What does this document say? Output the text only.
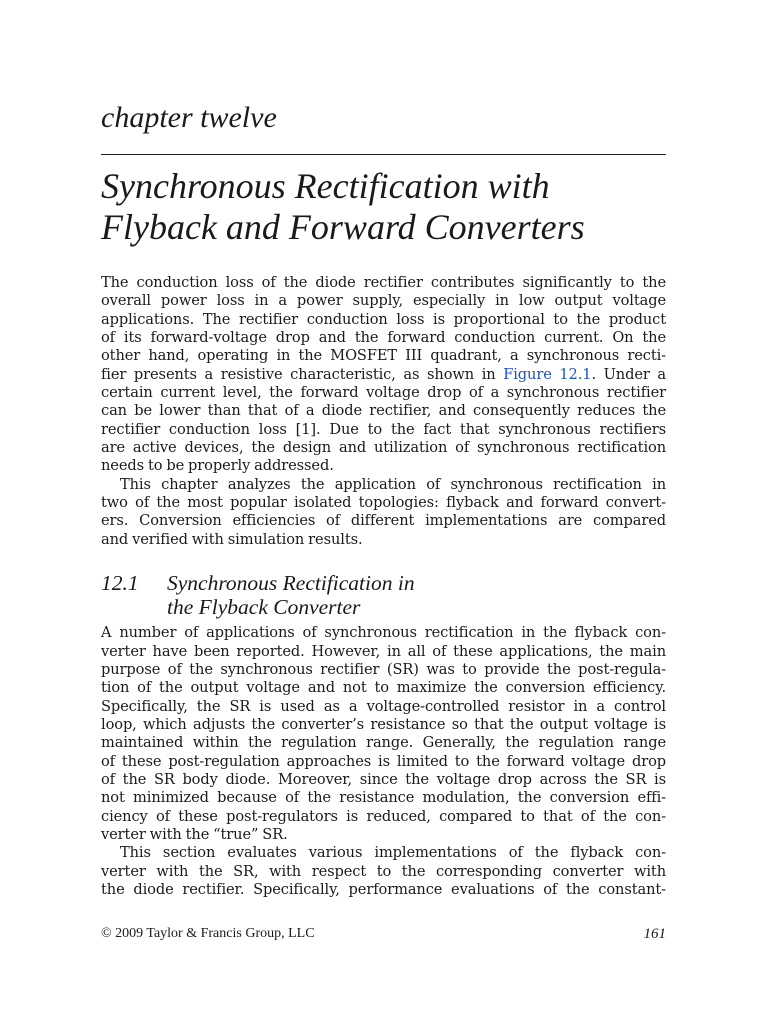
chapter twelve
Synchronous Rectification with
Flyback and Forward Converters

The conduction loss of the diode rectifier contributes significantly to the
overall power loss in a power supply, especially in low output voltage
applications. The rectifier conduction loss is proportional to the product
of its forward-voltage drop and the forward conduction current. On the
other hand, operating in the MOSFET III quadrant, a synchronous recti-
fier presents a resistive characteristic, as shown in Figure 12.1. Under a
certain current level, the forward voltage drop of a synchronous rectifier
can be lower than that of a diode rectifier, and consequently reduces the
rectifier conduction loss [1]. Due to the fact that synchronous rectifiers
are active devices, the design and utilization of synchronous rectification
needs to be properly addressed.

This chapter analyzes the application of synchronous rectification in
two of the most popular isolated topologies: flyback and forward convert-
ers. Conversion efficiencies of different implementations are compared
and verified with simulation results.

12.1	Synchronous Rectification in
the Flyback Converter

A number of applications of synchronous rectification in the flyback con-
verter have been reported. However, in all of these applications, the main
purpose of the synchronous rectifier (SR) was to provide the post-regula-
tion of the output voltage and not to maximize the conversion efficiency.
Specifically, the SR is used as a voltage-controlled resistor in a control
loop, which adjusts the converter’s resistance so that the output voltage is
maintained within the regulation range. Generally, the regulation range
of these post-regulation approaches is limited to the forward voltage drop
of the SR body diode. Moreover, since the voltage drop across the SR is
not minimized because of the resistance modulation, the conversion effi-
ciency of these post-regulators is reduced, compared to that of the con-
verter with the “true” SR.

This section evaluates various implementations of the flyback con-
verter with the SR, with respect to the corresponding converter with
the diode rectifier. Specifically, performance evaluations of the constant-

© 2009 Taylor & Francis Group, LLC	161
